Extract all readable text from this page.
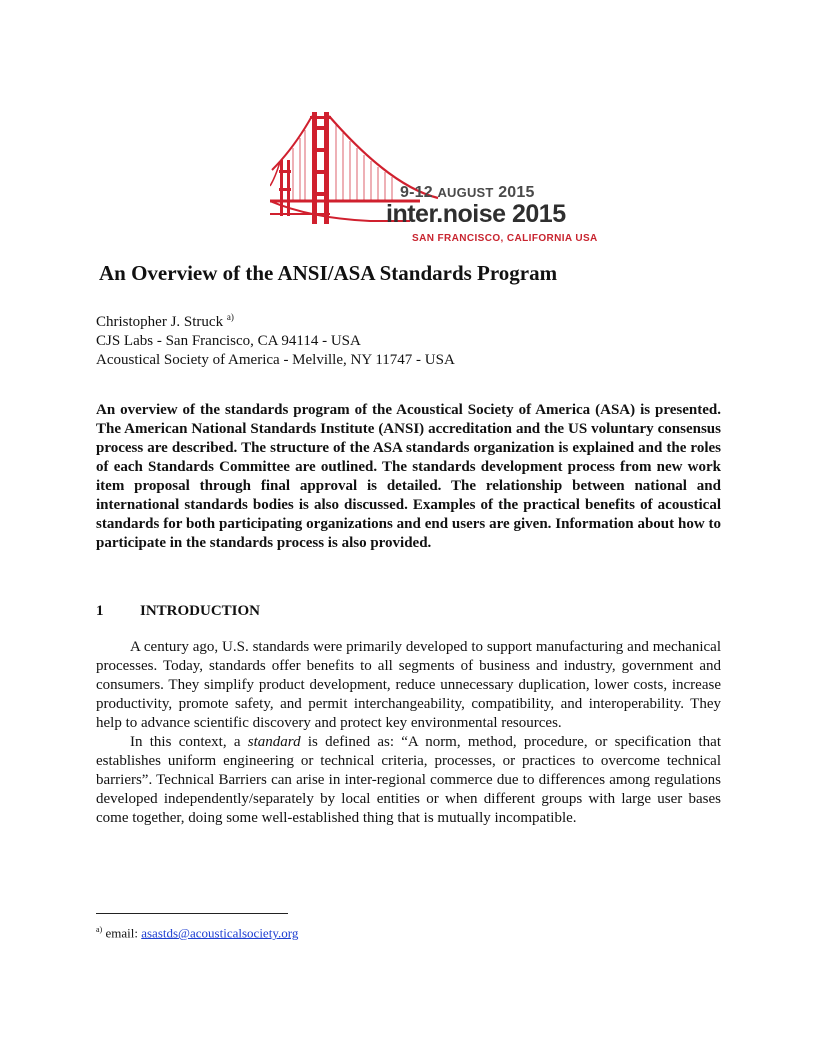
9-12 AUGUST 2015
inter.noise 2015
SAN FRANCISCO, CALIFORNIA USA
An Overview of the ANSI/ASA Standards Program
Christopher J. Struck $^{a)}$
CJS Labs - San Francisco, CA 94114 - USA
Acoustical Society of America - Melville, NY 11747 - USA

An overview of the standards program of the Acoustical Society of America (ASA) is presented. The American National Standards Institute (ANSI) accreditation and the US voluntary consensus process are described. The structure of the ASA standards organization is explained and the roles of each Standards Committee are outlined. The standards development process from new work item proposal through final approval is detailed. The relationship between national and international standards bodies is also discussed. Examples of the practical benefits of acoustical standards for both participating organizations and end users are given. Information about how to participate in the standards process is also provided.

1 INTRODUCTION

A century ago, U.S. standards were primarily developed to support manufacturing and mechanical processes. Today, standards offer benefits to all segments of business and industry, government and consumers. They simplify product development, reduce unnecessary duplication, lower costs, increase productivity, promote safety, and permit interchangeability, compatibility, and interoperability. They help to advance scientific discovery and protect key environmental resources.

In this context, a standard is defined as: “A norm, method, procedure, or specification that establishes uniform engineering or technical criteria, processes, or practices to overcome technical barriers”. Technical Barriers can arise in inter-regional commerce due to differences among regulations developed independently/separately by local entities or when different groups with large user bases come together, doing some well-established thing that is mutually incompatible.

$^{a)}$ email: asastds@acousticalsociety.org
